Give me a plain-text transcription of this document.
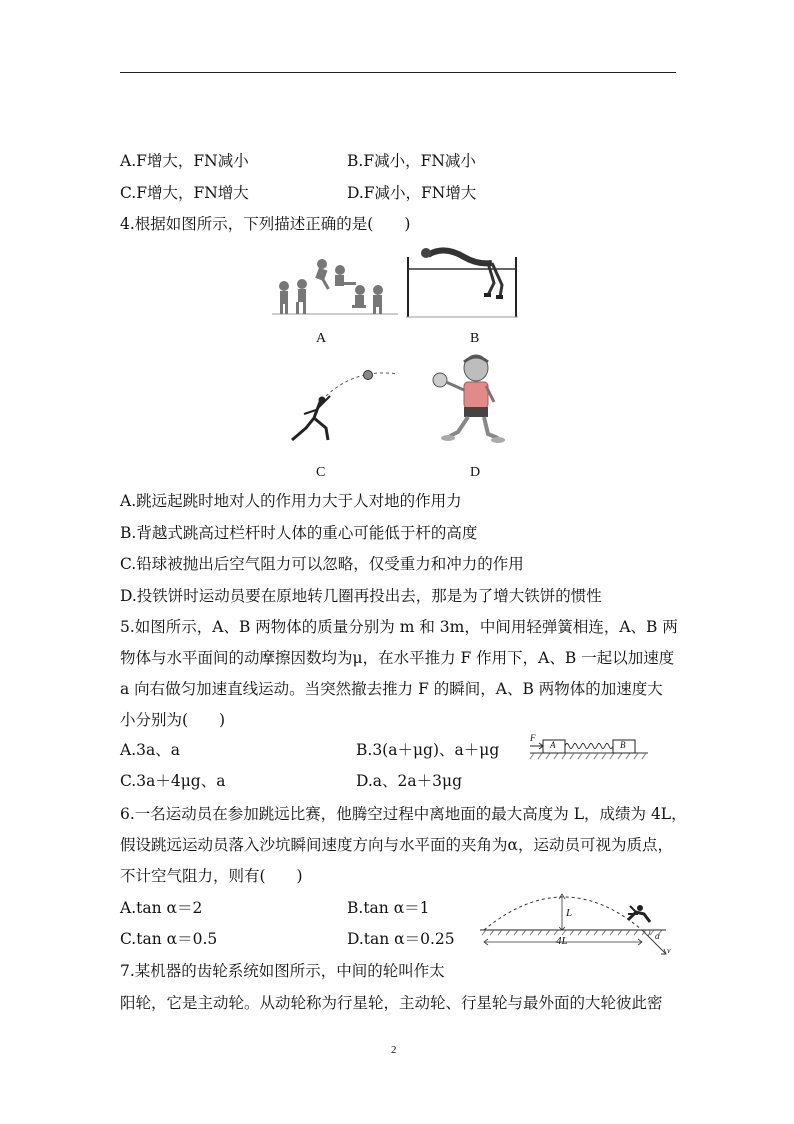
A.F增大，FN减小	B.F减小，FN减小
C.F增大，FN增大	D.F减小，FN增大
4.根据如图所示，下列描述正确的是(　　)
A	B
C	D
A.跳远起跳时地对人的作用力大于人对地的作用力
B.背越式跳高过栏杆时人体的重心可能低于杆的高度
C.铅球被抛出后空气阻力可以忽略，仅受重力和冲力的作用
D.投铁饼时运动员要在原地转几圈再投出去，那是为了增大铁饼的惯性
5.如图所示，A、B 两物体的质量分别为 m 和 3m，中间用轻弹簧相连，A、B 两
物体与水平面间的动摩擦因数均为μ，在水平推力 F 作用下，A、B 一起以加速度
a 向右做匀加速直线运动。当突然撤去推力 F 的瞬间，A、B 两物体的加速度大
小分别为(　　)
A.3a、a	B.3(a＋μg)、a＋μg
C.3a＋4μg、a	D.a、2a＋3μg
F
A	B
6.一名运动员在参加跳远比赛，他腾空过程中离地面的最大高度为 L，成绩为 4L，
假设跳远运动员落入沙坑瞬间速度方向与水平面的夹角为α，运动员可视为质点，
不计空气阻力，则有(　　)
A.tan α＝2	B.tan α＝1
C.tan α＝0.5	D.tan α＝0.25
L
4L	α
v
7.某机器的齿轮系统如图所示，中间的轮叫作太
阳轮，它是主动轮。从动轮称为行星轮，主动轮、行星轮与最外面的大轮彼此密
2
